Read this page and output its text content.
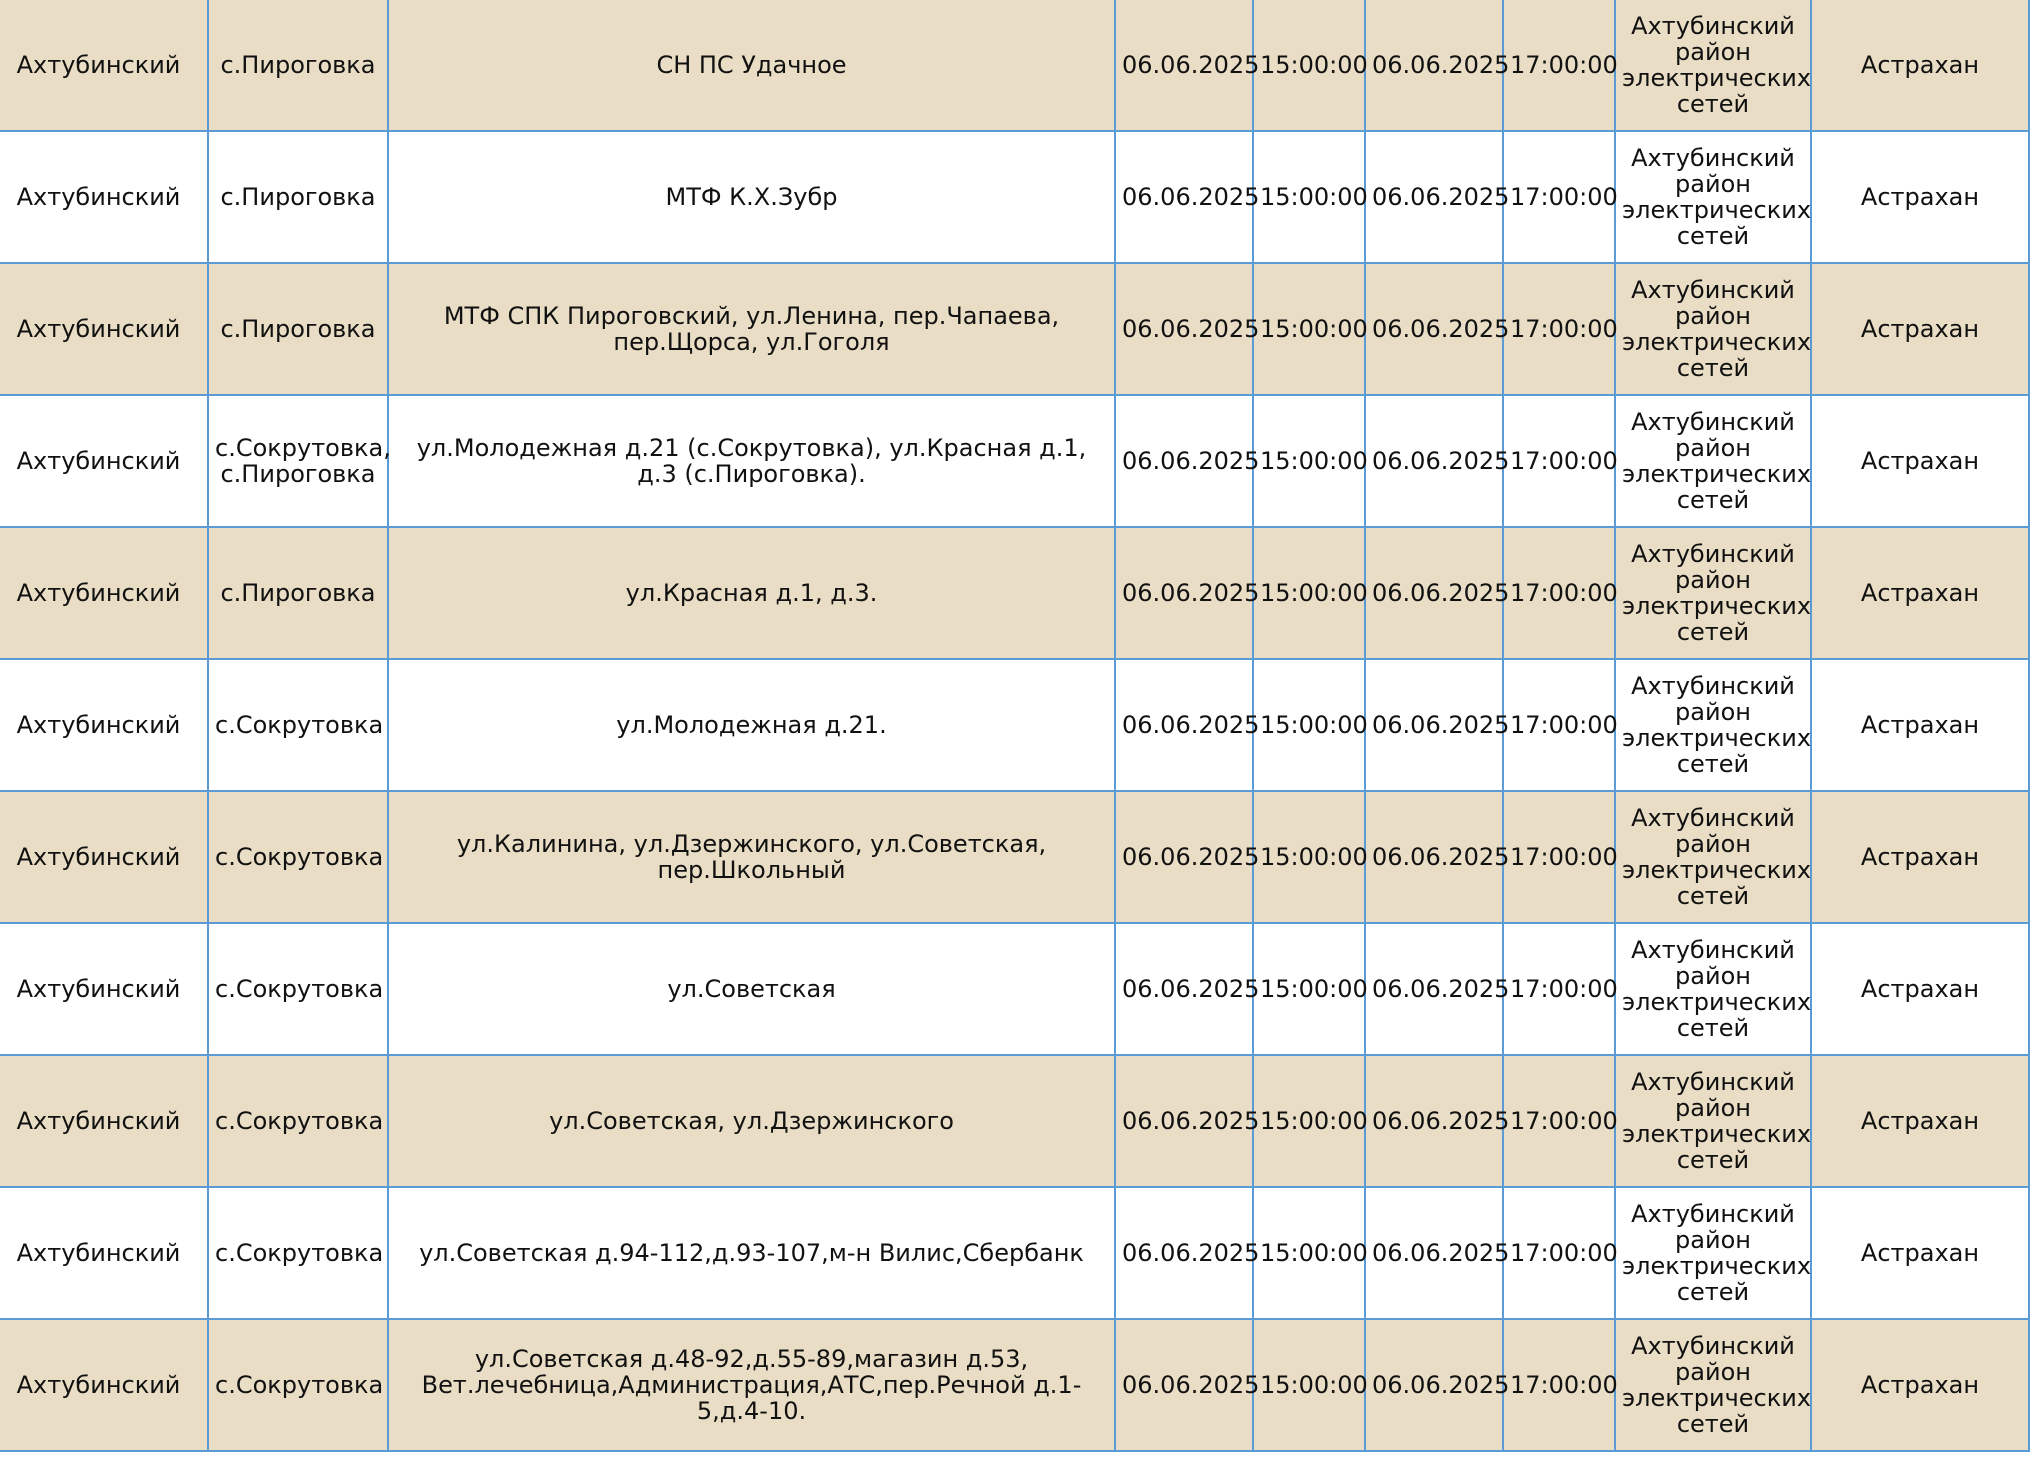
Ахтубинский	с.Пироговка	СН ПС Удачное	06.06.2025	15:00:00	06.06.2025	17:00:00	Ахтубинский район электрических сетей	Астрахан
Ахтубинский	с.Пироговка	МТФ К.Х.Зубр	06.06.2025	15:00:00	06.06.2025	17:00:00	Ахтубинский район электрических сетей	Астрахан
Ахтубинский	с.Пироговка	МТФ СПК Пироговский, ул.Ленина, пер.Чапаева, пер.Щорса, ул.Гоголя	06.06.2025	15:00:00	06.06.2025	17:00:00	Ахтубинский район электрических сетей	Астрахан
Ахтубинский	с.Сокрутовка, с.Пироговка	ул.Молодежная д.21 (с.Сокрутовка), ул.Красная д.1, д.3 (с.Пироговка).	06.06.2025	15:00:00	06.06.2025	17:00:00	Ахтубинский район электрических сетей	Астрахан
Ахтубинский	с.Пироговка	ул.Красная д.1, д.3.	06.06.2025	15:00:00	06.06.2025	17:00:00	Ахтубинский район электрических сетей	Астрахан
Ахтубинский	с.Сокрутовка	ул.Молодежная д.21.	06.06.2025	15:00:00	06.06.2025	17:00:00	Ахтубинский район электрических сетей	Астрахан
Ахтубинский	с.Сокрутовка	ул.Калинина, ул.Дзержинского, ул.Советская, пер.Школьный	06.06.2025	15:00:00	06.06.2025	17:00:00	Ахтубинский район электрических сетей	Астрахан
Ахтубинский	с.Сокрутовка	ул.Советская	06.06.2025	15:00:00	06.06.2025	17:00:00	Ахтубинский район электрических сетей	Астрахан
Ахтубинский	с.Сокрутовка	ул.Советская, ул.Дзержинского	06.06.2025	15:00:00	06.06.2025	17:00:00	Ахтубинский район электрических сетей	Астрахан
Ахтубинский	с.Сокрутовка	ул.Советская д.94-112,д.93-107,м-н Вилис,Сбербанк	06.06.2025	15:00:00	06.06.2025	17:00:00	Ахтубинский район электрических сетей	Астрахан
Ахтубинский	с.Сокрутовка	ул.Советская д.48-92,д.55-89,магазин д.53, Вет.лечебница,Администрация,АТС,пер.Речной д.1-5,д.4-10.	06.06.2025	15:00:00	06.06.2025	17:00:00	Ахтубинский район электрических сетей	Астрахан
